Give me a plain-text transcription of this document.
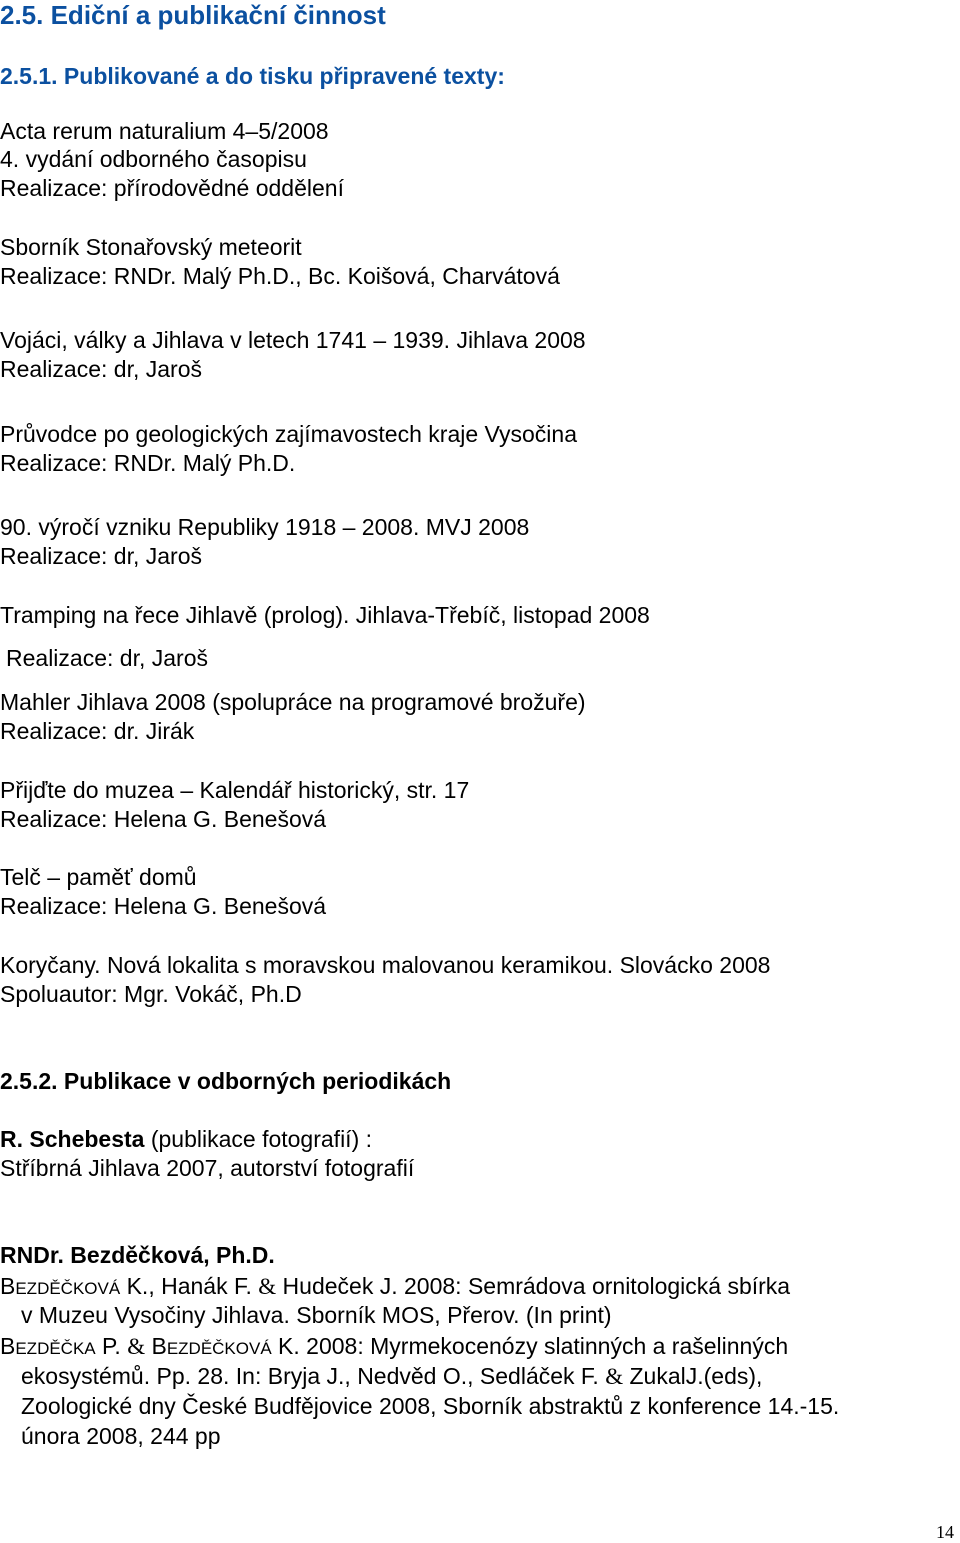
2.5. Ediční a publikační činnost
2.5.1. Publikované a do tisku připravené texty:
Acta rerum naturalium 4–5/2008
4. vydání odborného časopisu
Realizace: přírodovědné oddělení
Sborník Stonařovský meteorit
Realizace: RNDr. Malý Ph.D., Bc. Koišová, Charvátová
Vojáci, války a Jihlava v letech 1741 – 1939. Jihlava 2008
Realizace: dr, Jaroš
Průvodce po geologických zajímavostech kraje Vysočina
Realizace: RNDr. Malý Ph.D.
90. výročí vzniku Republiky 1918 – 2008. MVJ 2008
Realizace: dr, Jaroš
Tramping na řece Jihlavě (prolog). Jihlava-Třebíč, listopad 2008
Realizace: dr, Jaroš
Mahler Jihlava 2008 (spolupráce na programové brožuře)
Realizace: dr. Jirák
Přijďte do muzea – Kalendář historický, str. 17
Realizace: Helena G. Benešová
Telč – paměť domů
Realizace: Helena G. Benešová
Koryčany. Nová lokalita s moravskou malovanou keramikou. Slovácko 2008
Spoluautor: Mgr. Vokáč, Ph.D
2.5.2. Publikace v odborných periodikách
R. Schebesta (publikace fotografií) :
Stříbrná Jihlava 2007, autorství fotografií
RNDr. Bezděčková, Ph.D.
BEZDĚČKOVÁ K., Hanák F. & Hudeček J. 2008: Semrádova ornitologická sbírka
v Muzeu Vysočiny Jihlava. Sborník MOS, Přerov. (In print)
BEZDĚČKA P. & BEZDĚČKOVÁ K. 2008: Myrmekocenózy slatinných a rašelinných
ekosystémů. Pp. 28. In: Bryja J., Nedvěd O., Sedláček F. & ZukalJ.(eds),
Zoologické dny České Budfějovice 2008, Sborník abstraktů z konference 14.-15.
února 2008, 244 pp
14
